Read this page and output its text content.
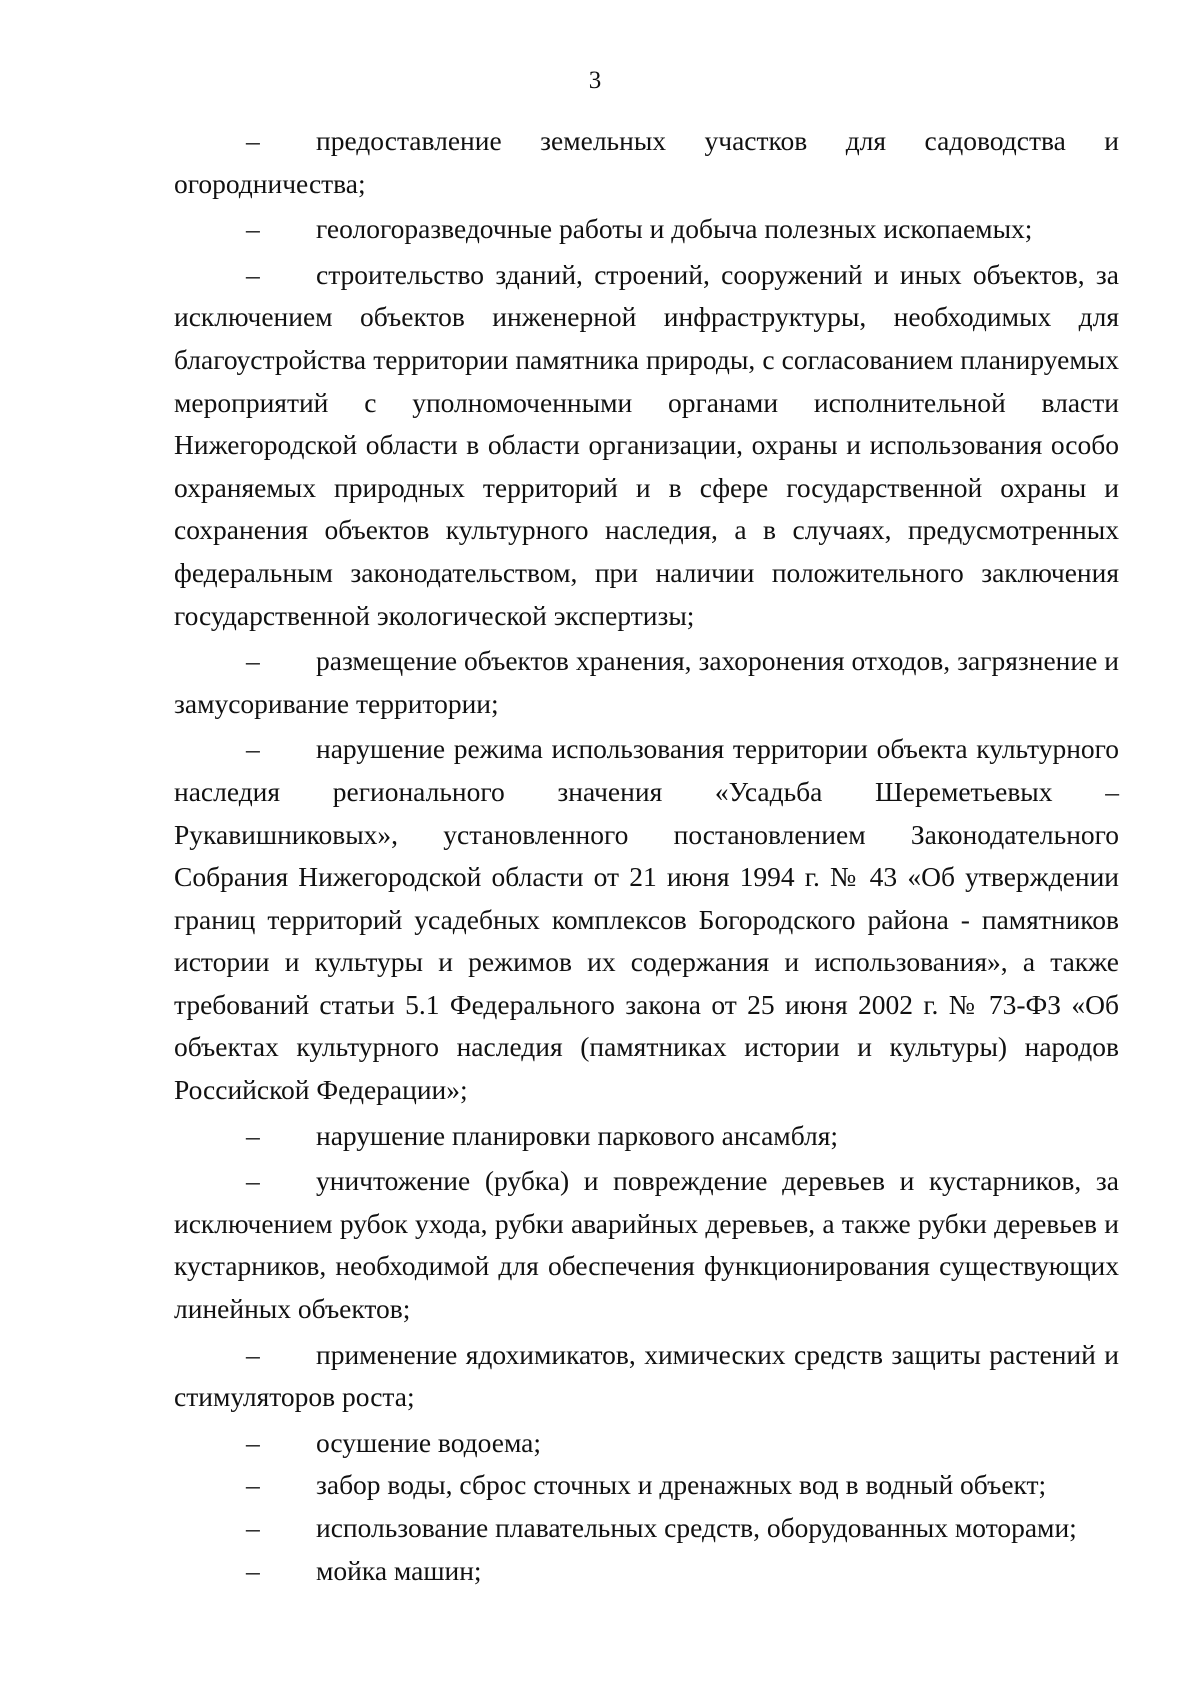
3

– предоставление земельных участков для садоводства и огородничества;

– геологоразведочные работы и добыча полезных ископаемых;

– строительство зданий, строений, сооружений и иных объектов, за исключением объектов инженерной инфраструктуры, необходимых для благоустройства территории памятника природы, с согласованием планируемых мероприятий с уполномоченными органами исполнительной власти Нижегородской области в области организации, охраны и использования особо охраняемых природных территорий и в сфере государственной охраны и сохранения объектов культурного наследия, а в случаях, предусмотренных федеральным законодательством, при наличии положительного заключения государственной экологической экспертизы;

– размещение объектов хранения, захоронения отходов, загрязнение и замусоривание территории;

– нарушение режима использования территории объекта культурного наследия регионального значения «Усадьба Шереметьевых – Рукавишниковых», установленного постановлением Законодательного Собрания Нижегородской области от 21 июня 1994 г. № 43 «Об утверждении границ территорий усадебных комплексов Богородского района - памятников истории и культуры и режимов их содержания и использования», а также требований статьи 5.1 Федерального закона от 25 июня 2002 г. № 73-ФЗ «Об объектах культурного наследия (памятниках истории и культуры) народов Российской Федерации»;

– нарушение планировки паркового ансамбля;

– уничтожение (рубка) и повреждение деревьев и кустарников, за исключением рубок ухода, рубки аварийных деревьев, а также рубки деревьев и кустарников, необходимой для обеспечения функционирования существующих линейных объектов;

– применение ядохимикатов, химических средств защиты растений и стимуляторов роста;

– осушение водоема;

– забор воды, сброс сточных и дренажных вод в водный объект;

– использование плавательных средств, оборудованных моторами;

– мойка машин;
